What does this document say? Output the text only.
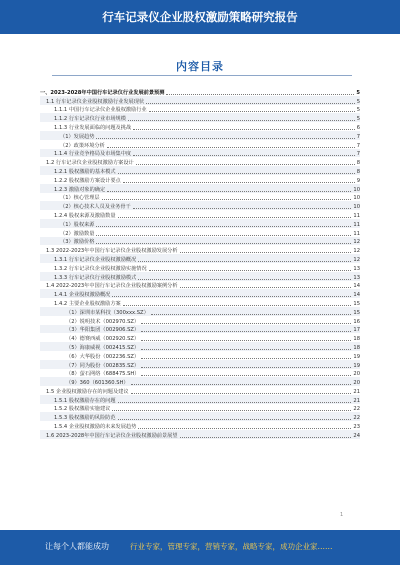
行车记录仪企业股权激励策略研究报告
内容目录
一、2023-2028年中国行车记录仪行业发展前景预测	5
1.1 行车记录仪企业股权激励行业发展现状	5
1.1.1 中国行车记录仪企业股权激励行业	5
1.1.2 行车记录仪行业市场规模	5
1.1.3 行业发展面临的问题及挑战	6
（1）发展趋势	7
（2）政策环境分析	7
1.1.4 行业竞争格局及市场集中度	7
1.2 行车记录仪企业股权激励方案设计	8
1.2.1 股权激励的基本模式	8
1.2.2 股权激励方案设计要点	9
1.2.3 激励对象的确定	10
（1）核心管理层	10
（2）核心技术人员及业务骨干	10
1.2.4 股权来源及激励数量	11
（1）股权来源	11
（2）激励数量	11
（3）激励价格	12
1.3 2022-2023年中国行车记录仪企业股权激励发展分析	12
1.3.1 行车记录仪企业股权激励概况	12
1.3.2 行车记录仪企业股权激励实施情况	13
1.3.3 行车记录仪行业股权激励模式	13
1.4 2022-2023年中国行车记录仪企业股权激励案例分析	14
1.4.1 企业股权激励概况	14
1.4.2 主要企业股权激励方案	15
（1）深圳市某科技（300xxx.SZ）	15
（2）锐明技术（002970.SZ）	16
（3）华阳集团（002906.SZ）	17
（4）德赛西威（002920.SZ）	18
（5）海康威视（002415.SZ）	18
（6）大华股份（002236.SZ）	19
（7）同为股份（002835.SZ）	19
（8）萤石网络（688475.SH）	20
（9）360（601360.SH）	20
1.5 企业股权激励存在的问题及建议	21
1.5.1 股权激励存在的问题	21
1.5.2 股权激励实施建议	22
1.5.3 股权激励的风险防范	22
1.5.4 企业股权激励的未来发展趋势	23
1.6 2023-2028年中国行车记录仪企业股权激励前景展望	24
1
让每个人都能成功	行业专家，管理专家，营销专家，战略专家，成功企业家……
